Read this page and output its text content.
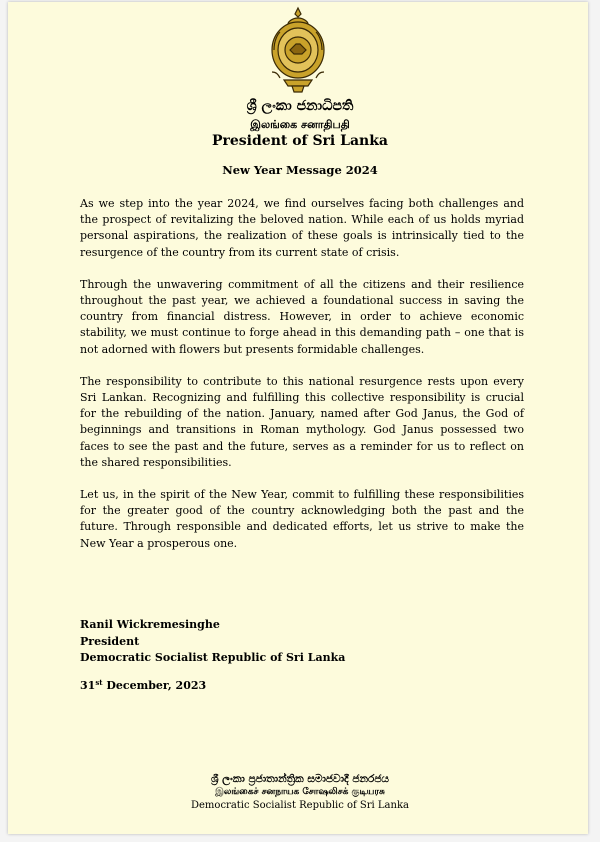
ශ්‍රී ලංකා ජනාධිපති
இலங்கை சனாதிபதி
President of Sri Lanka
New Year Message 2024

As we step into the year 2024, we find ourselves facing both challenges and the prospect of revitalizing the beloved nation. While each of us holds myriad personal aspirations, the realization of these goals is intrinsically tied to the resurgence of the country from its current state of crisis.

Through the unwavering commitment of all the citizens and their resilience throughout the past year, we achieved a foundational success in saving the country from financial distress. However, in order to achieve economic stability, we must continue to forge ahead in this demanding path – one that is not adorned with flowers but presents formidable challenges.

The responsibility to contribute to this national resurgence rests upon every Sri Lankan. Recognizing and fulfilling this collective responsibility is crucial for the rebuilding of the nation. January, named after God Janus, the God of beginnings and transitions in Roman mythology. God Janus possessed two faces to see the past and the future, serves as a reminder for us to reflect on the shared responsibilities.

Let us, in the spirit of the New Year, commit to fulfilling these responsibilities for the greater good of the country acknowledging both the past and the future. Through responsible and dedicated efforts, let us strive to make the New Year a prosperous one.

Ranil Wickremesinghe
President
Democratic Socialist Republic of Sri Lanka
31st December, 2023
ශ්‍රී ලංකා ප්‍රජාතාන්ත්‍රික සමාජවාදී ජනරජය
இலங்கைச் சனநாயக சோஷலிசக் குடியரசு
Democratic Socialist Republic of Sri Lanka
